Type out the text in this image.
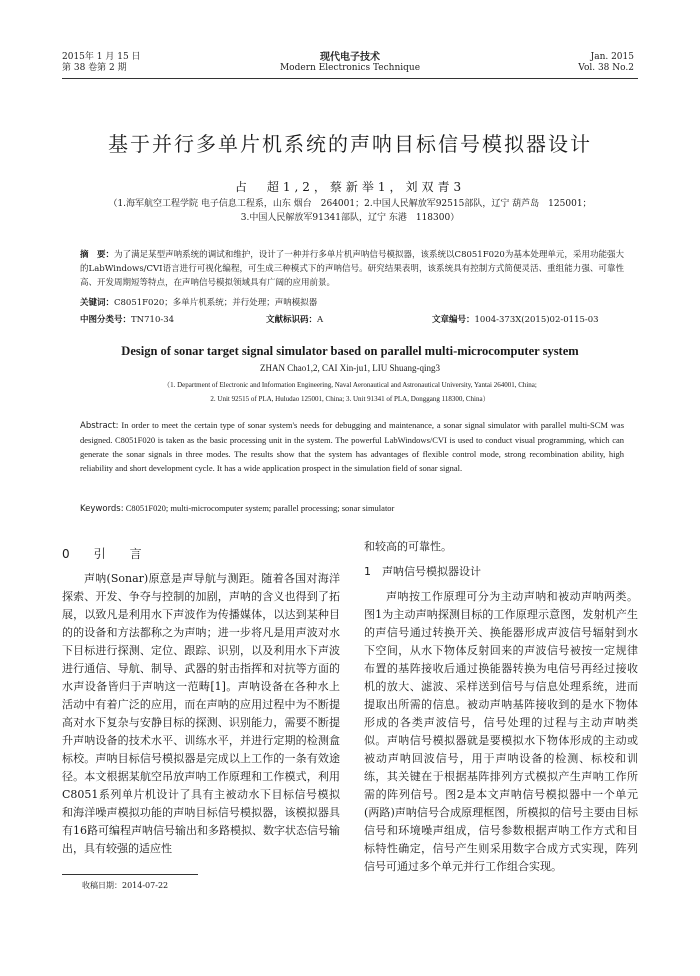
2015年 1 月 15 日
第 38 卷第 2 期
现代电子技术
Modern Electronics Technique
Jan. 2015
Vol. 38 No.2
基于并行多单片机系统的声呐目标信号模拟器设计
占　超1,2，蔡新举1，刘双青3
（1.海军航空工程学院 电子信息工程系，山东 烟台　264001；2.中国人民解放军92515部队，辽宁 葫芦岛　125001；
3.中国人民解放军91341部队，辽宁 东港　118300）
摘　要：为了满足某型声呐系统的调试和维护，设计了一种并行多单片机声呐信号模拟器，该系统以C8051F020为基本处理单元，采用功能强大的LabWindows/CVI语言进行可视化编程，可生成三种模式下的声呐信号。研究结果表明，该系统具有控制方式简便灵活、重组能力强、可靠性高、开发周期短等特点，在声呐信号模拟领域具有广阔的应用前景。
关键词：C8051F020；多单片机系统；并行处理；声呐模拟器
中图分类号：TN710-34	文献标识码：A	文章编号：1004-373X(2015)02-0115-03
Design of sonar target signal simulator based on parallel multi-microcomputer system
ZHAN Chao1,2, CAI Xin-ju1, LIU Shuang-qing3
（1. Department of Electronic and Information Engineering, Naval Aeronautical and Astronautical University, Yantai 264001, China;
2. Unit 92515 of PLA, Huludao 125001, China; 3. Unit 91341 of PLA, Donggang 118300, China）
Abstract: In order to meet the certain type of sonar system's needs for debugging and maintenance, a sonar signal simulator with parallel multi-SCM was designed. C8051F020 is taken as the basic processing unit in the system. The powerful LabWindows/CVI is used to conduct visual programming, which can generate the sonar signals in three modes. The results show that the system has advantages of flexible control mode, strong recombination ability, high reliability and short development cycle. It has a wide application prospect in the simulation field of sonar signal.
Keywords: C8051F020; multi-microcomputer system; parallel processing; sonar simulator
0　引　言

声呐(Sonar)原意是声导航与测距。随着各国对海洋探索、开发、争夺与控制的加剧，声呐的含义也得到了拓展，以致凡是利用水下声波作为传播媒体，以达到某种目的的设备和方法都称之为声呐；进一步将凡是用声波对水下目标进行探测、定位、跟踪、识别，以及利用水下声波进行通信、导航、制导、武器的射击指挥和对抗等方面的水声设备皆归于声呐这一范畴[1]。声呐设备在各种水上活动中有着广泛的应用，而在声呐的应用过程中为不断提高对水下复杂与安静目标的探测、识别能力，需要不断提升声呐设备的技术水平、训练水平，并进行定期的检测盒标校。声呐目标信号模拟器是完成以上工作的一条有效途径。本文根据某航空吊放声呐工作原理和工作模式，利用C8051系列单片机设计了具有主被动水下目标信号模拟和海洋噪声模拟功能的声呐目标信号模拟器，该模拟器具有16路可编程声呐信号输出和多路模拟、数字状态信号输出，具有较强的适应性

和较高的可靠性。
1　声呐信号模拟器设计

声呐按工作原理可分为主动声呐和被动声呐两类。图1为主动声呐探测目标的工作原理示意图，发射机产生的声信号通过转换开关、换能器形成声波信号辐射到水下空间，从水下物体反射回来的声波信号被按一定规律布置的基阵接收后通过换能器转换为电信号再经过接收机的放大、滤波、采样送到信号与信息处理系统，进而提取出所需的信息。被动声呐基阵接收到的是水下物体形成的各类声波信号，信号处理的过程与主动声呐类似。声呐信号模拟器就是要模拟水下物体形成的主动或被动声呐回波信号，用于声呐设备的检测、标校和训练，其关键在于根据基阵排列方式模拟产生声呐工作所需的阵列信号。图2是本文声呐信号模拟器中一个单元(两路)声呐信号合成原理框图，所模拟的信号主要由目标信号和环境噪声组成，信号参数根据声呐工作方式和目标特性确定，信号产生则采用数字合成方式实现，阵列信号可通过多个单元并行工作组合实现。

收稿日期：2014-07-22
